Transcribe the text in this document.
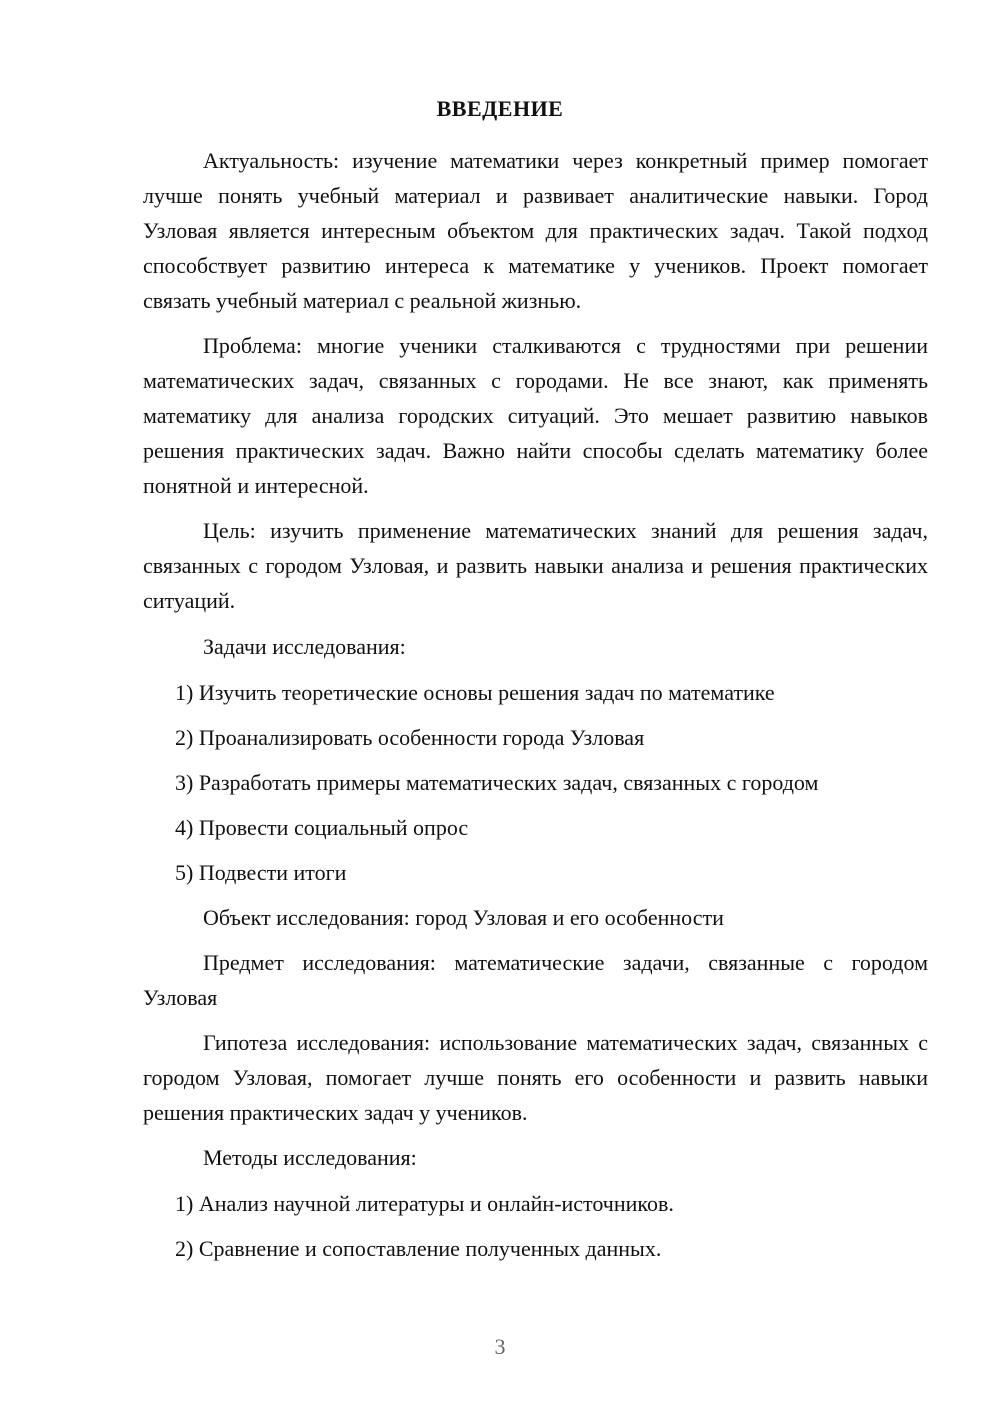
ВВЕДЕНИЕ

Актуальность: изучение математики через конкретный пример помогает лучше понять учебный материал и развивает аналитические навыки. Город Узловая является интересным объектом для практических задач. Такой подход способствует развитию интереса к математике у учеников. Проект помогает связать учебный материал с реальной жизнью.

Проблема: многие ученики сталкиваются с трудностями при решении математических задач, связанных с городами. Не все знают, как применять математику для анализа городских ситуаций. Это мешает развитию навыков решения практических задач. Важно найти способы сделать математику более понятной и интересной.

Цель: изучить применение математических знаний для решения задач, связанных с городом Узловая, и развить навыки анализа и решения практических ситуаций.

Задачи исследования:

1) Изучить теоретические основы решения задач по математике
2) Проанализировать особенности города Узловая
3) Разработать примеры математических задач, связанных с городом
4) Провести социальный опрос
5) Подвести итоги

Объект исследования: город Узловая и его особенности

Предмет исследования: математические задачи, связанные с городом Узловая

Гипотеза исследования: использование математических задач, связанных с городом Узловая, помогает лучше понять его особенности и развить навыки решения практических задач у учеников.

Методы исследования:

1) Анализ научной литературы и онлайн-источников.
2) Сравнение и сопоставление полученных данных.
3
